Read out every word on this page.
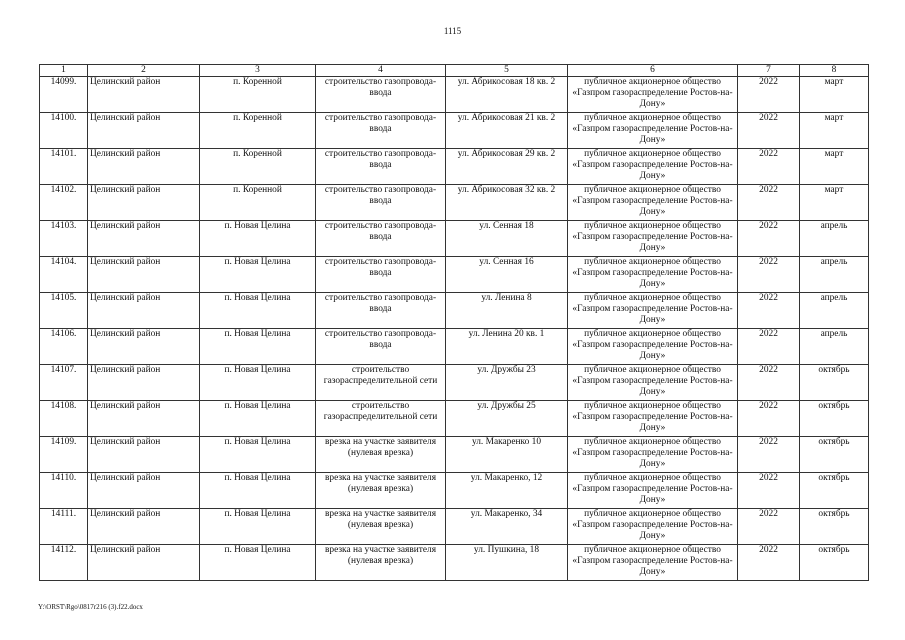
1115
1	2	3	4	5	6	7	8
14099.	Целинский район	п. Коренной	строительство газопровода-ввода	ул. Абрикосовая 18 кв. 2	публичное акционерное общество «Газпром газораспределение Ростов-на-Дону»	2022	март
14100.	Целинский район	п. Коренной	строительство газопровода-ввода	ул. Абрикосовая 21 кв. 2	публичное акционерное общество «Газпром газораспределение Ростов-на-Дону»	2022	март
14101.	Целинский район	п. Коренной	строительство газопровода-ввода	ул. Абрикосовая 29 кв. 2	публичное акционерное общество «Газпром газораспределение Ростов-на-Дону»	2022	март
14102.	Целинский район	п. Коренной	строительство газопровода-ввода	ул. Абрикосовая 32 кв. 2	публичное акционерное общество «Газпром газораспределение Ростов-на-Дону»	2022	март
14103.	Целинский район	п. Новая Целина	строительство газопровода-ввода	ул. Сенная 18	публичное акционерное общество «Газпром газораспределение Ростов-на-Дону»	2022	апрель
14104.	Целинский район	п. Новая Целина	строительство газопровода-ввода	ул. Сенная 16	публичное акционерное общество «Газпром газораспределение Ростов-на-Дону»	2022	апрель
14105.	Целинский район	п. Новая Целина	строительство газопровода-ввода	ул. Ленина 8	публичное акционерное общество «Газпром газораспределение Ростов-на-Дону»	2022	апрель
14106.	Целинский район	п. Новая Целина	строительство газопровода-ввода	ул. Ленина 20 кв. 1	публичное акционерное общество «Газпром газораспределение Ростов-на-Дону»	2022	апрель
14107.	Целинский район	п. Новая Целина	строительство газораспределительной сети	ул. Дружбы 23	публичное акционерное общество «Газпром газораспределение Ростов-на-Дону»	2022	октябрь
14108.	Целинский район	п. Новая Целина	строительство газораспределительной сети	ул. Дружбы 25	публичное акционерное общество «Газпром газораспределение Ростов-на-Дону»	2022	октябрь
14109.	Целинский район	п. Новая Целина	врезка на участке заявителя (нулевая врезка)	ул. Макаренко 10	публичное акционерное общество «Газпром газораспределение Ростов-на-Дону»	2022	октябрь
14110.	Целинский район	п. Новая Целина	врезка на участке заявителя (нулевая врезка)	ул. Макаренко, 12	публичное акционерное общество «Газпром газораспределение Ростов-на-Дону»	2022	октябрь
14111.	Целинский район	п. Новая Целина	врезка на участке заявителя (нулевая врезка)	ул. Макаренко, 34	публичное акционерное общество «Газпром газораспределение Ростов-на-Дону»	2022	октябрь
14112.	Целинский район	п. Новая Целина	врезка на участке заявителя (нулевая врезка)	ул. Пушкина, 18	публичное акционерное общество «Газпром газораспределение Ростов-на-Дону»	2022	октябрь
Y:\ORST\Rgo\0817r216 (3).f22.docx
